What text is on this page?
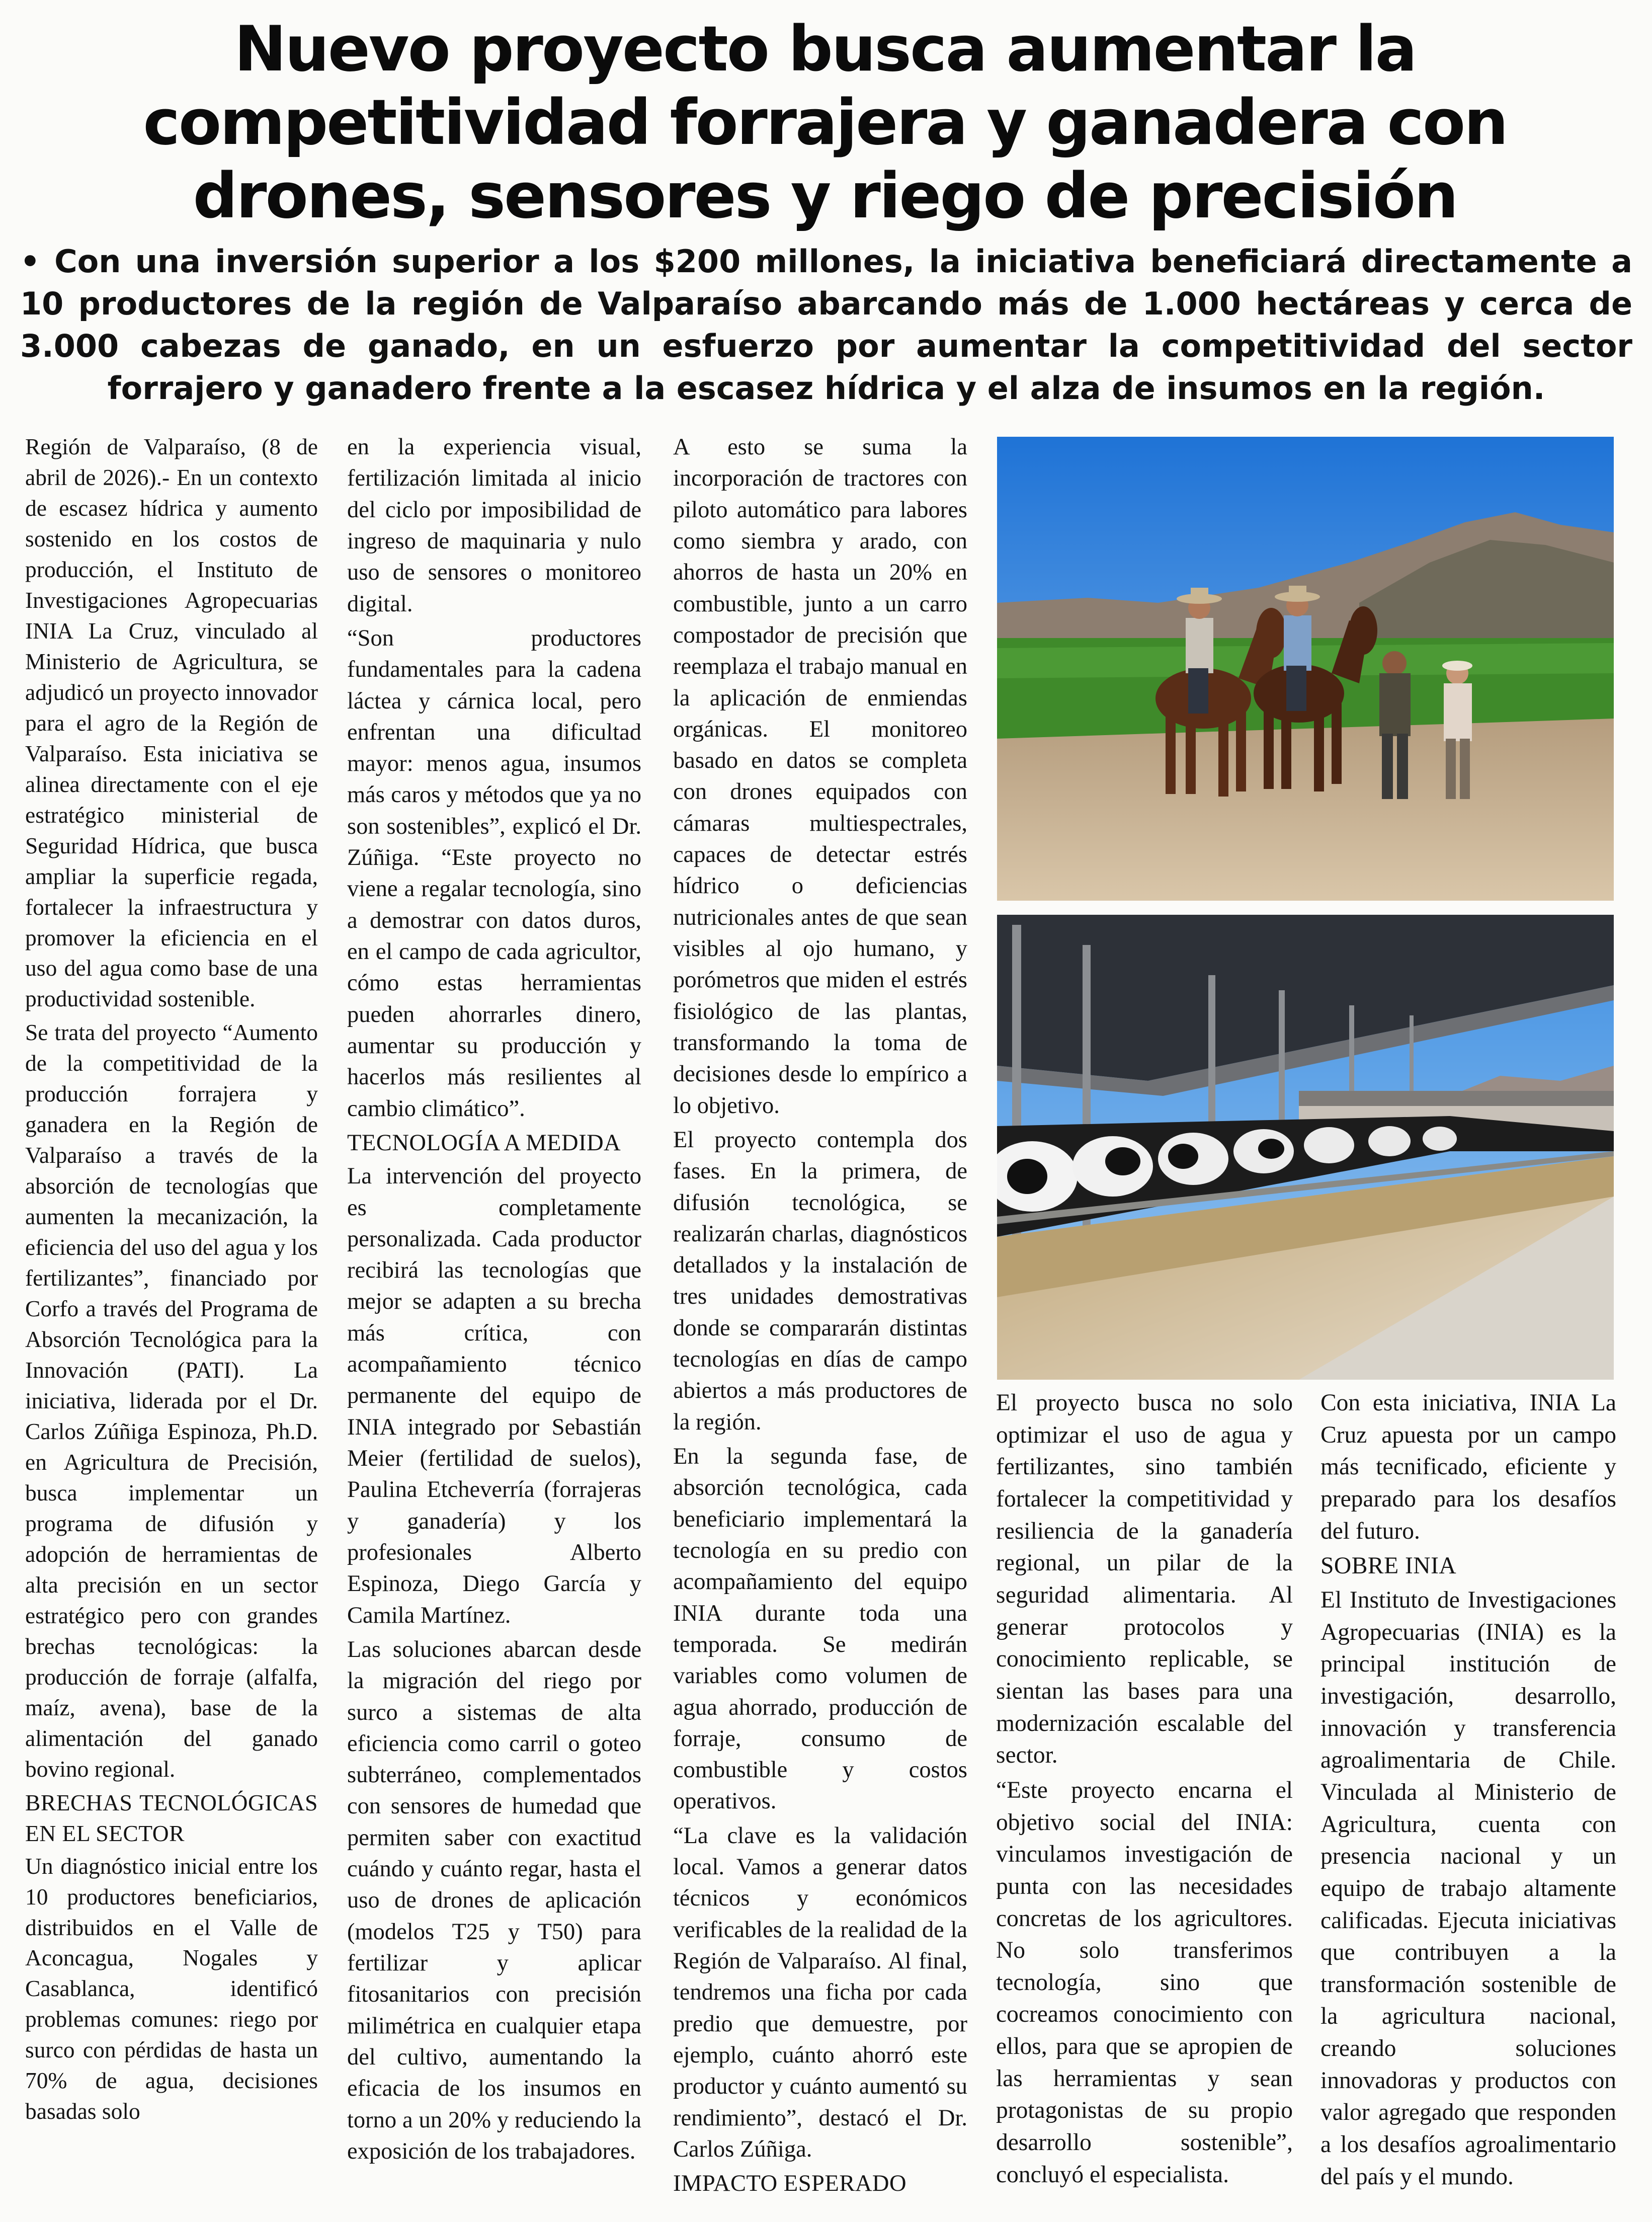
Nuevo proyecto busca aumentar la competitividad forrajera y ganadera con drones, sensores y riego de precisión

• Con una inversión superior a los $200 millones, la iniciativa beneficiará directamente a 10 productores de la región de Valparaíso abarcando más de 1.000 hectáreas y cerca de 3.000 cabezas de ganado, en un esfuerzo por aumentar la competitividad del sector forrajero y ganadero frente a la escasez hídrica y el alza de insumos en la región.

Región de Valparaíso, (8 de abril de 2026).- En un contexto de escasez hídrica y aumento sostenido en los costos de producción, el Instituto de Investigaciones Agropecuarias INIA La Cruz, vinculado al Ministerio de Agricultura, se adjudicó un proyecto innovador para el agro de la Región de Valparaíso. Esta iniciativa se alinea directamente con el eje estratégico ministerial de Seguridad Hídrica, que busca ampliar la superficie regada, fortalecer la infraestructura y promover la eficiencia en el uso del agua como base de una productividad sostenible.

Se trata del proyecto “Aumento de la competitividad de la producción forrajera y ganadera en la Región de Valparaíso a través de la absorción de tecnologías que aumenten la mecanización, la eficiencia del uso del agua y los fertilizantes”, financiado por Corfo a través del Programa de Absorción Tecnológica para la Innovación (PATI). La iniciativa, liderada por el Dr. Carlos Zúñiga Espinoza, Ph.D. en Agricultura de Precisión, busca implementar un programa de difusión y adopción de herramientas de alta precisión en un sector estratégico pero con grandes brechas tecnológicas: la producción de forraje (alfalfa, maíz, avena), base de la alimentación del ganado bovino regional.

BRECHAS TECNOLÓGICAS EN EL SECTOR

Un diagnóstico inicial entre los 10 productores beneficiarios, distribuidos en el Valle de Aconcagua, Nogales y Casablanca, identificó problemas comunes: riego por surco con pérdidas de hasta un 70% de agua, decisiones basadas solo

en la experiencia visual, fertilización limitada al inicio del ciclo por imposibilidad de ingreso de maquinaria y nulo uso de sensores o monitoreo digital.

“Son productores fundamentales para la cadena láctea y cárnica local, pero enfrentan una dificultad mayor: menos agua, insumos más caros y métodos que ya no son sostenibles”, explicó el Dr. Zúñiga. “Este proyecto no viene a regalar tecnología, sino a demostrar con datos duros, en el campo de cada agricultor, cómo estas herramientas pueden ahorrarles dinero, aumentar su producción y hacerlos más resilientes al cambio climático”.

TECNOLOGÍA A MEDIDA

La intervención del proyecto es completamente personalizada. Cada productor recibirá las tecnologías que mejor se adapten a su brecha más crítica, con acompañamiento técnico permanente del equipo de INIA integrado por Sebastián Meier (fertilidad de suelos), Paulina Etcheverría (forrajeras y ganadería) y los profesionales Alberto Espinoza, Diego García y Camila Martínez.

Las soluciones abarcan desde la migración del riego por surco a sistemas de alta eficiencia como carril o goteo subterráneo, complementados con sensores de humedad que permiten saber con exactitud cuándo y cuánto regar, hasta el uso de drones de aplicación (modelos T25 y T50) para fertilizar y aplicar fitosanitarios con precisión milimétrica en cualquier etapa del cultivo, aumentando la eficacia de los insumos en torno a un 20% y reduciendo la exposición de los trabajadores.

A esto se suma la incorporación de tractores con piloto automático para labores como siembra y arado, con ahorros de hasta un 20% en combustible, junto a un carro compostador de precisión que reemplaza el trabajo manual en la aplicación de enmiendas orgánicas. El monitoreo basado en datos se completa con drones equipados con cámaras multiespectrales, capaces de detectar estrés hídrico o deficiencias nutricionales antes de que sean visibles al ojo humano, y porómetros que miden el estrés fisiológico de las plantas, transformando la toma de decisiones desde lo empírico a lo objetivo.

El proyecto contempla dos fases. En la primera, de difusión tecnológica, se realizarán charlas, diagnósticos detallados y la instalación de tres unidades demostrativas donde se compararán distintas tecnologías en días de campo abiertos a más productores de la región.

En la segunda fase, de absorción tecnológica, cada beneficiario implementará la tecnología en su predio con acompañamiento del equipo INIA durante toda una temporada. Se medirán variables como volumen de agua ahorrado, producción de forraje, consumo de combustible y costos operativos.

“La clave es la validación local. Vamos a generar datos técnicos y económicos verificables de la realidad de la Región de Valparaíso. Al final, tendremos una ficha por cada predio que demuestre, por ejemplo, cuánto ahorró este productor y cuánto aumentó su rendimiento”, destacó el Dr. Carlos Zúñiga.

IMPACTO ESPERADO

El proyecto busca no solo optimizar el uso de agua y fertilizantes, sino también fortalecer la competitividad y resiliencia de la ganadería regional, un pilar de la seguridad alimentaria. Al generar protocolos y conocimiento replicable, se sientan las bases para una modernización escalable del sector.

“Este proyecto encarna el objetivo social del INIA: vinculamos investigación de punta con las necesidades concretas de los agricultores. No solo transferimos tecnología, sino que cocreamos conocimiento con ellos, para que se apropien de las herramientas y sean protagonistas de su propio desarrollo sostenible”, concluyó el especialista.

Con esta iniciativa, INIA La Cruz apuesta por un campo más tecnificado, eficiente y preparado para los desafíos del futuro.

SOBRE INIA

El Instituto de Investigaciones Agropecuarias (INIA) es la principal institución de investigación, desarrollo, innovación y transferencia agroalimentaria de Chile. Vinculada al Ministerio de Agricultura, cuenta con presencia nacional y un equipo de trabajo altamente calificadas. Ejecuta iniciativas que contribuyen a la transformación sostenible de la agricultura nacional, creando soluciones innovadoras y productos con valor agregado que responden a los desafíos agroalimentario del país y el mundo.
